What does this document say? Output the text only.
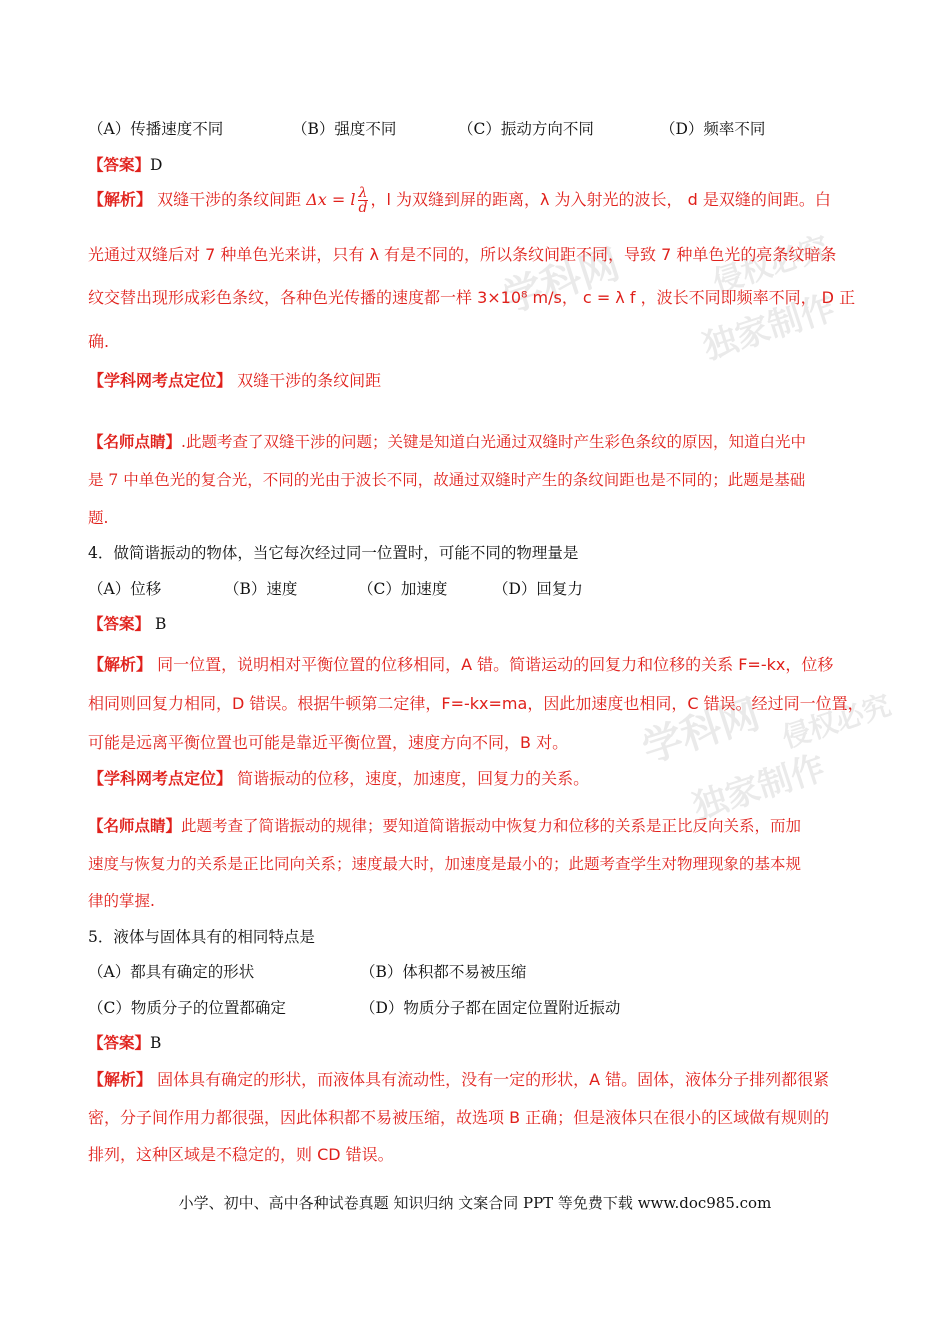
学科网
独家制作
侵权必究
学科网
独家制作
侵权必究
（A）传播速度不同	（B）强度不同	（C）振动方向不同	（D）频率不同
【答案】D
【解析】 双缝干涉的条纹间距 Δx = l $\frac{\lambda}{d}$ ，l 为双缝到屏的距离，λ 为入射光的波长， d 是双缝的间距。白
光通过双缝后对 7 种单色光来讲，只有 λ 有是不同的，所以条纹间距不同，导致 7 种单色光的亮条纹暗条
纹交替出现形成彩色条纹，各种色光传播的速度都一样 3×10⁸ m/s， c = λ f ，波长不同即频率不同， D 正
确.
【学科网考点定位】 双缝干涉的条纹间距
【名师点睛】.此题考查了双缝干涉的问题；关键是知道白光通过双缝时产生彩色条纹的原因，知道白光中
是 7 中单色光的复合光，不同的光由于波长不同，故通过双缝时产生的条纹间距也是不同的；此题是基础
题.
4．做简谐振动的物体，当它每次经过同一位置时，可能不同的物理量是
（A）位移	（B）速度	（C）加速度	（D）回复力
【答案】 B
【解析】 同一位置，说明相对平衡位置的位移相同，A 错。简谐运动的回复力和位移的关系 F=-kx，位移
相同则回复力相同，D 错误。根据牛顿第二定律，F=-kx=ma，因此加速度也相同，C 错误。经过同一位置，
可能是远离平衡位置也可能是靠近平衡位置，速度方向不同，B 对。
【学科网考点定位】 简谐振动的位移，速度，加速度，回复力的关系。
【名师点睛】此题考查了简谐振动的规律；要知道简谐振动中恢复力和位移的关系是正比反向关系，而加
速度与恢复力的关系是正比同向关系；速度最大时，加速度是最小的；此题考查学生对物理现象的基本规
律的掌握.
5．液体与固体具有的相同特点是
（A）都具有确定的形状	（B）体积都不易被压缩
（C）物质分子的位置都确定	（D）物质分子都在固定位置附近振动
【答案】B
【解析】 固体具有确定的形状，而液体具有流动性，没有一定的形状，A 错。固体，液体分子排列都很紧
密，分子间作用力都很强，因此体积都不易被压缩，故选项 B 正确；但是液体只在很小的区域做有规则的
排列，这种区域是不稳定的，则 CD 错误。
小学、初中、高中各种试卷真题 知识归纳 文案合同 PPT 等免费下载 www.doc985.com
